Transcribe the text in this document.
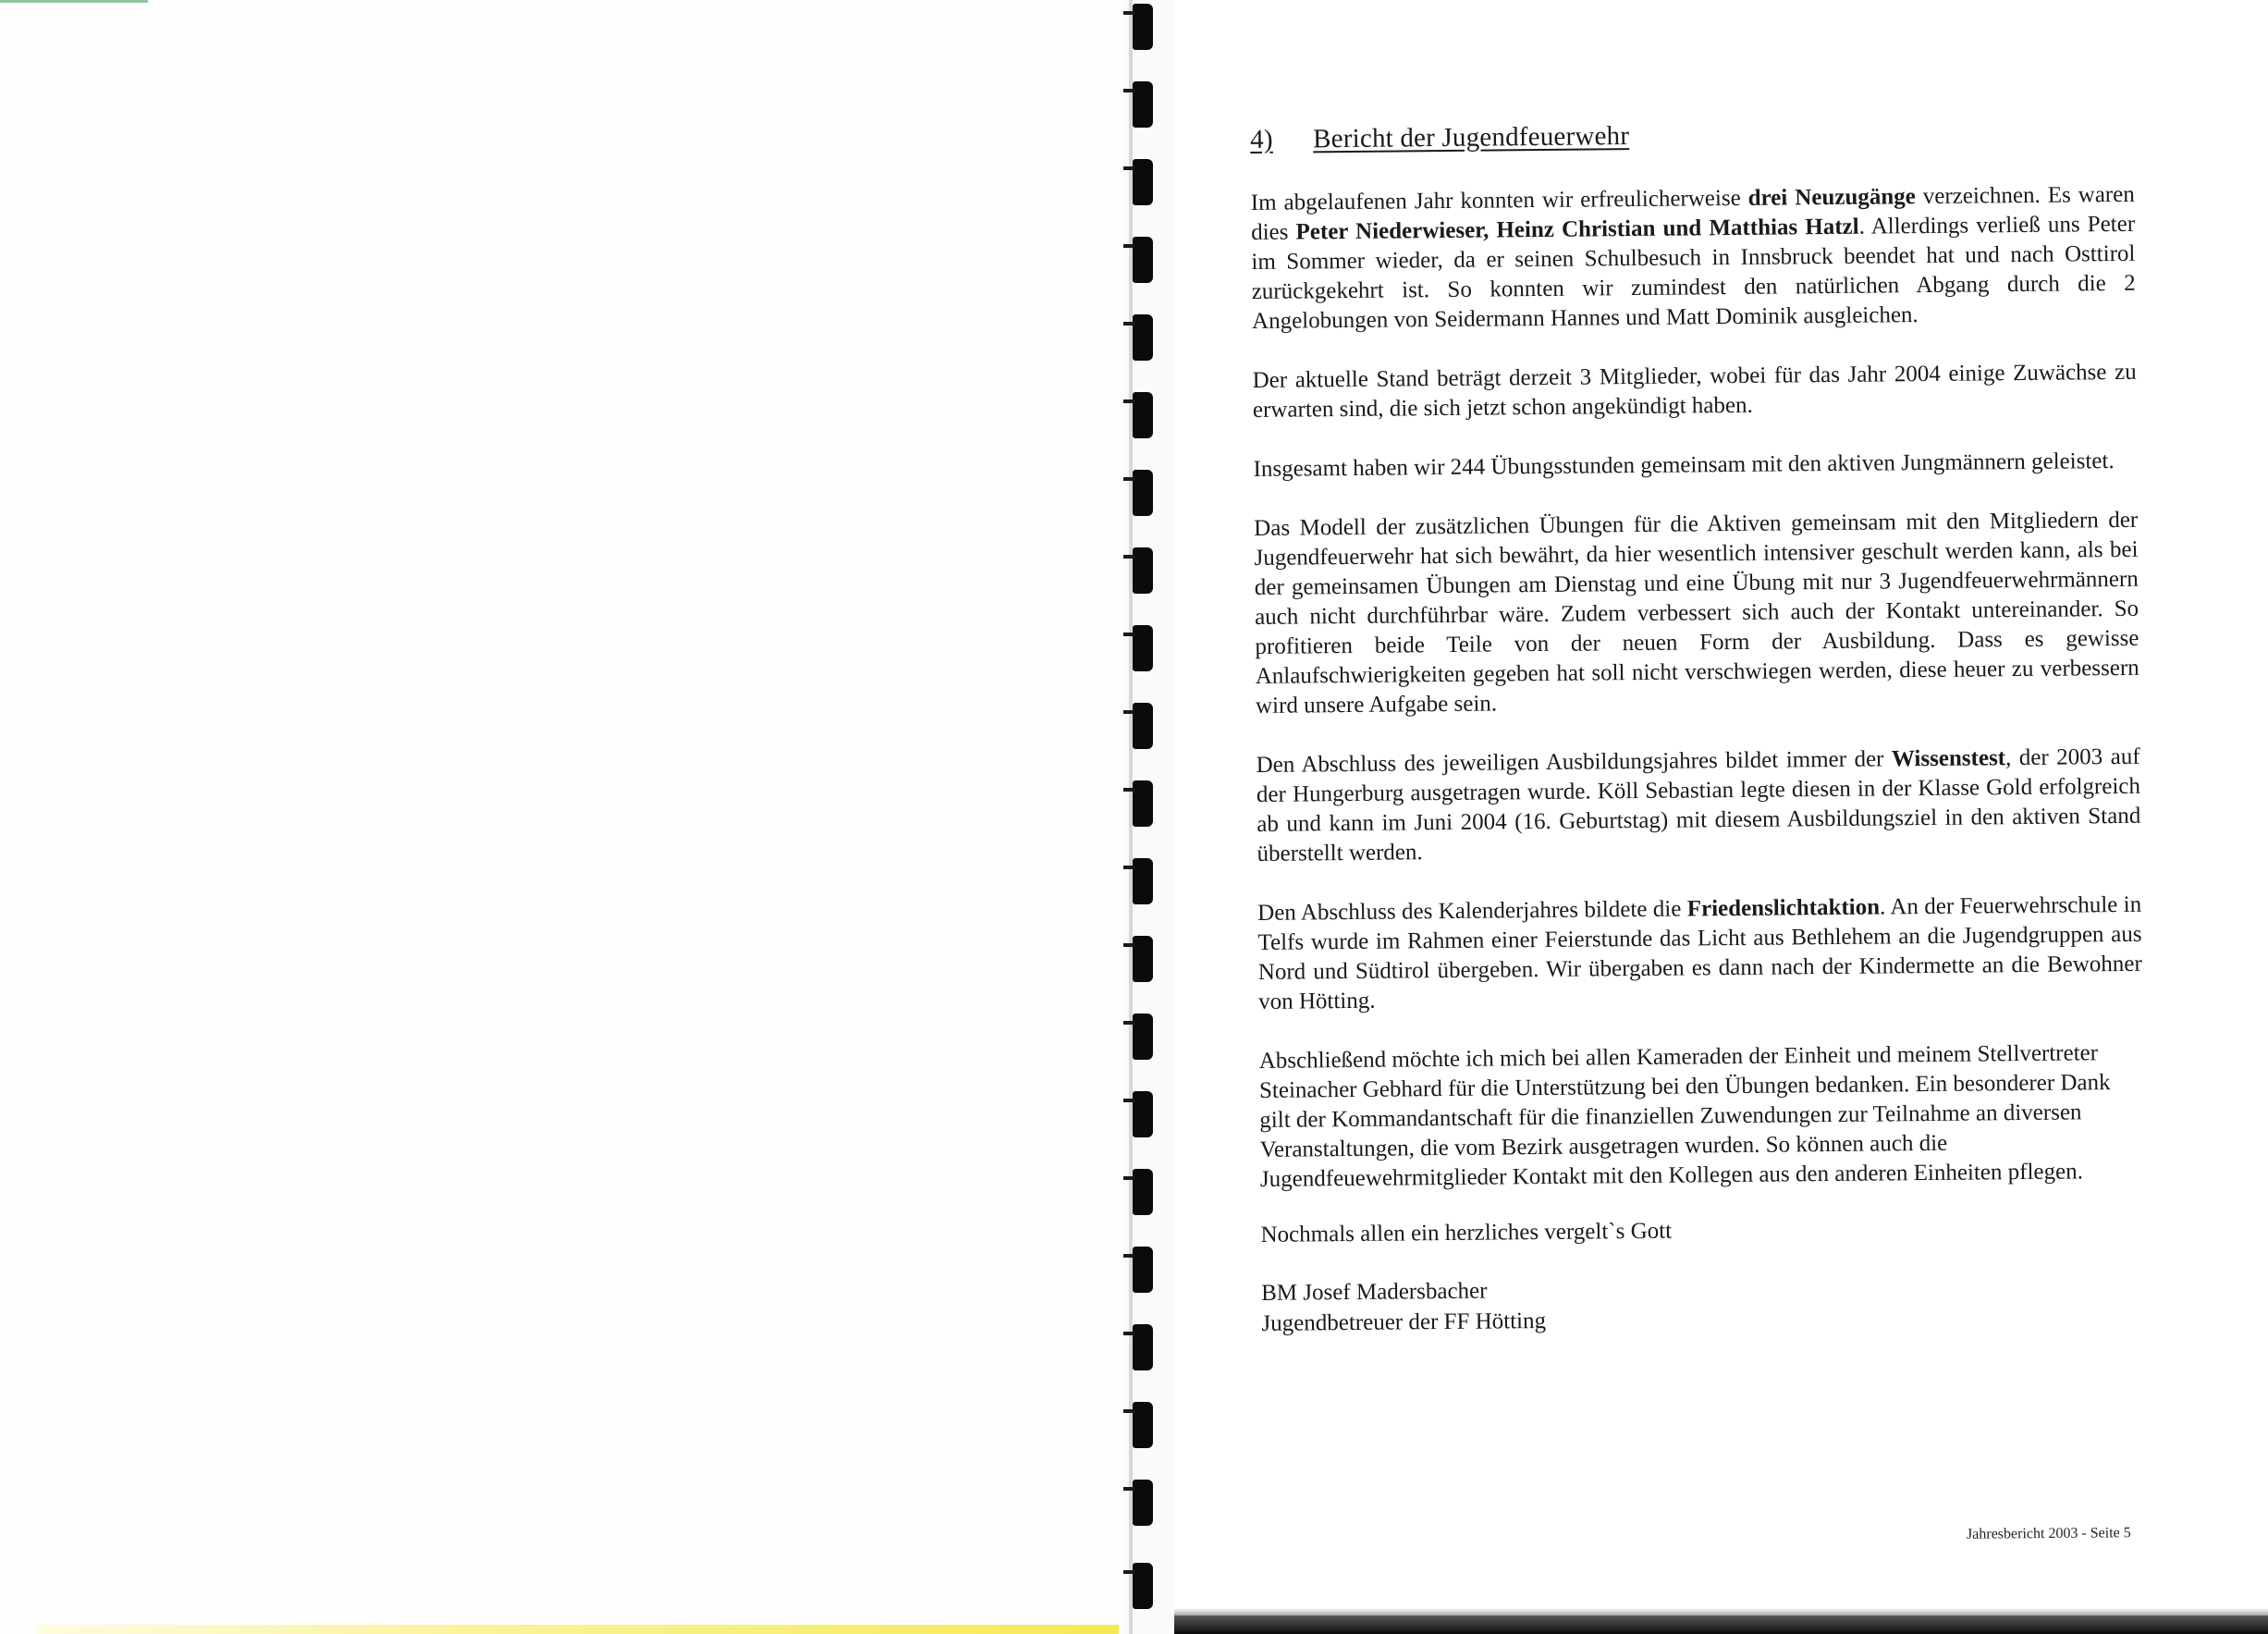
4) Bericht der Jugendfeuerwehr

Im abgelaufenen Jahr konnten wir erfreulicherweise drei Neuzugänge verzeichnen. Es waren dies Peter Niederwieser, Heinz Christian und Matthias Hatzl. Allerdings verließ uns Peter im Sommer wieder, da er seinen Schulbesuch in Innsbruck beendet hat und nach Osttirol zurückgekehrt ist. So konnten wir zumindest den natürlichen Abgang durch die 2 Angelobungen von Seidermann Hannes und Matt Dominik ausgleichen.

Der aktuelle Stand beträgt derzeit 3 Mitglieder, wobei für das Jahr 2004 einige Zuwächse zu erwarten sind, die sich jetzt schon angekündigt haben.

Insgesamt haben wir 244 Übungsstunden gemeinsam mit den aktiven Jungmännern geleistet.

Das Modell der zusätzlichen Übungen für die Aktiven gemeinsam mit den Mitgliedern der Jugendfeuerwehr hat sich bewährt, da hier wesentlich intensiver geschult werden kann, als bei der gemeinsamen Übungen am Dienstag und eine Übung mit nur 3 Jugendfeuerwehrmännern auch nicht durchführbar wäre. Zudem verbessert sich auch der Kontakt untereinander. So profitieren beide Teile von der neuen Form der Ausbildung. Dass es gewisse Anlaufschwierigkeiten gegeben hat soll nicht verschwiegen werden, diese heuer zu verbessern wird unsere Aufgabe sein.

Den Abschluss des jeweiligen Ausbildungsjahres bildet immer der Wissenstest, der 2003 auf der Hungerburg ausgetragen wurde. Köll Sebastian legte diesen in der Klasse Gold erfolgreich ab und kann im Juni 2004 (16. Geburtstag) mit diesem Ausbildungsziel in den aktiven Stand überstellt werden.

Den Abschluss des Kalenderjahres bildete die Friedenslichtaktion. An der Feuerwehrschule in Telfs wurde im Rahmen einer Feierstunde das Licht aus Bethlehem an die Jugendgruppen aus Nord und Südtirol übergeben. Wir übergaben es dann nach der Kindermette an die Bewohner von Hötting.

Abschließend möchte ich mich bei allen Kameraden der Einheit und meinem Stellvertreter Steinacher Gebhard für die Unterstützung bei den Übungen bedanken. Ein besonderer Dank gilt der Kommandantschaft für die finanziellen Zuwendungen zur Teilnahme an diversen Veranstaltungen, die vom Bezirk ausgetragen wurden. So können auch die Jugendfeuewehrmitglieder Kontakt mit den Kollegen aus den anderen Einheiten pflegen.

Nochmals allen ein herzliches vergelt`s Gott

BM Josef Madersbacher

Jugendbetreuer der FF Hötting

Jahresbericht 2003 - Seite 5
